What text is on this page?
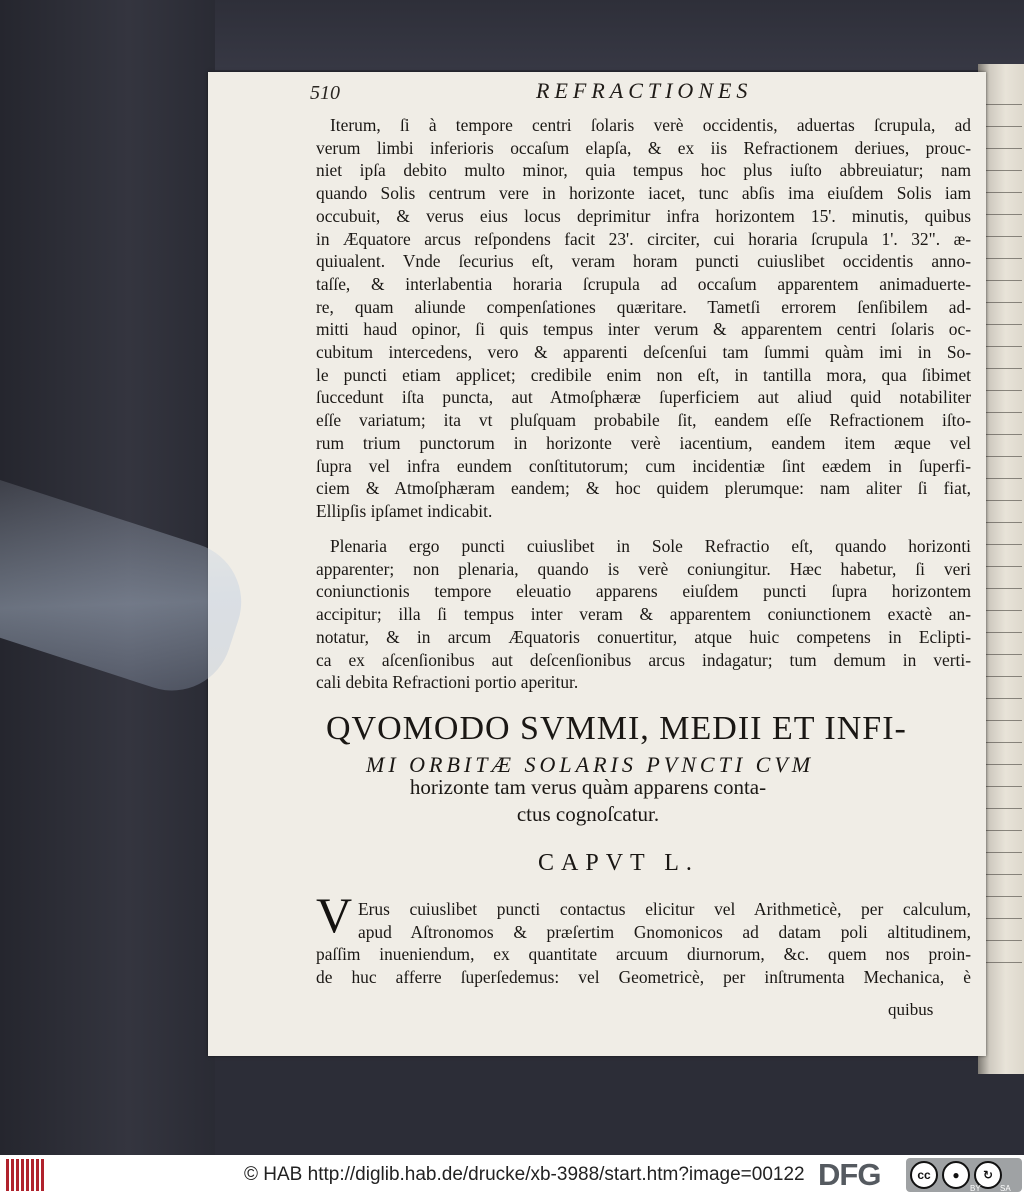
510	REFRACTIONES
Iterum, ſi à tempore centri ſolaris verè occidentis, aduertas ſcrupula, ad
verum limbi inferioris occaſum elapſa, & ex iis Refractionem deriues, prouc-
niet ipſa debito multo minor, quia tempus hoc plus iuſto abbreuiatur; nam
quando Solis centrum vere in horizonte iacet, tunc abſis ima eiuſdem Solis iam
occubuit, & verus eius locus deprimitur infra horizontem 15'. minutis, quibus
in Æquatore arcus reſpondens facit 23'. circiter, cui horaria ſcrupula 1'. 32". æ-
quiualent. Vnde ſecurius eſt, veram horam puncti cuiuslibet occidentis anno-
taſſe, & interlabentia horaria ſcrupula ad occaſum apparentem animaduerte-
re, quam aliunde compenſationes quæritare. Tametſi errorem ſenſibilem ad-
mitti haud opinor, ſi quis tempus inter verum & apparentem centri ſolaris oc-
cubitum intercedens, vero & apparenti deſcenſui tam ſummi quàm imi in So-
le puncti etiam applicet; credibile enim non eſt, in tantilla mora, qua ſibimet
ſuccedunt iſta puncta, aut Atmoſphæræ ſuperficiem aut aliud quid notabiliter
eſſe variatum; ita vt pluſquam probabile ſit, eandem eſſe Refractionem iſto-
rum trium punctorum in horizonte verè iacentium, eandem item æque vel
ſupra vel infra eundem conſtitutorum; cum incidentiæ ſint eædem in ſuperfi-
ciem & Atmoſphæram eandem; & hoc quidem plerumque: nam aliter ſi fiat,
Ellipſis ipſamet indicabit.
Plenaria ergo puncti cuiuslibet in Sole Refractio eſt, quando horizonti
apparenter; non plenaria, quando is verè coniungitur. Hæc habetur, ſi veri
coniunctionis tempore eleuatio apparens eiuſdem puncti ſupra horizontem
accipitur; illa ſi tempus inter veram & apparentem coniunctionem exactè an-
notatur, & in arcum Æquatoris conuertitur, atque huic competens in Eclipti-
ca ex aſcenſionibus aut deſcenſionibus arcus indagatur; tum demum in verti-
cali debita Refractioni portio aperitur.
QVOMODO SVMMI, MEDII ET INFI-
MI ORBITÆ SOLARIS PVNCTI CVM
horizonte tam verus quàm apparens conta-
ctus cognoſcatur.
CAPVT L.
V Erus cuiuslibet puncti contactus elicitur vel Arithmeticè, per calculum,
apud Aſtronomos & præſertim Gnomonicos ad datam poli altitudinem,
paſſim inueniendum, ex quantitate arcuum diurnorum, &c. quem nos proin-
de huc afferre ſuperſedemus: vel Geometricè, per inſtrumenta Mechanica, è
quibus
© HAB http://diglib.hab.de/drucke/xb-3988/start.htm?image=00122 DFG	cc	●	↻
BY SA
